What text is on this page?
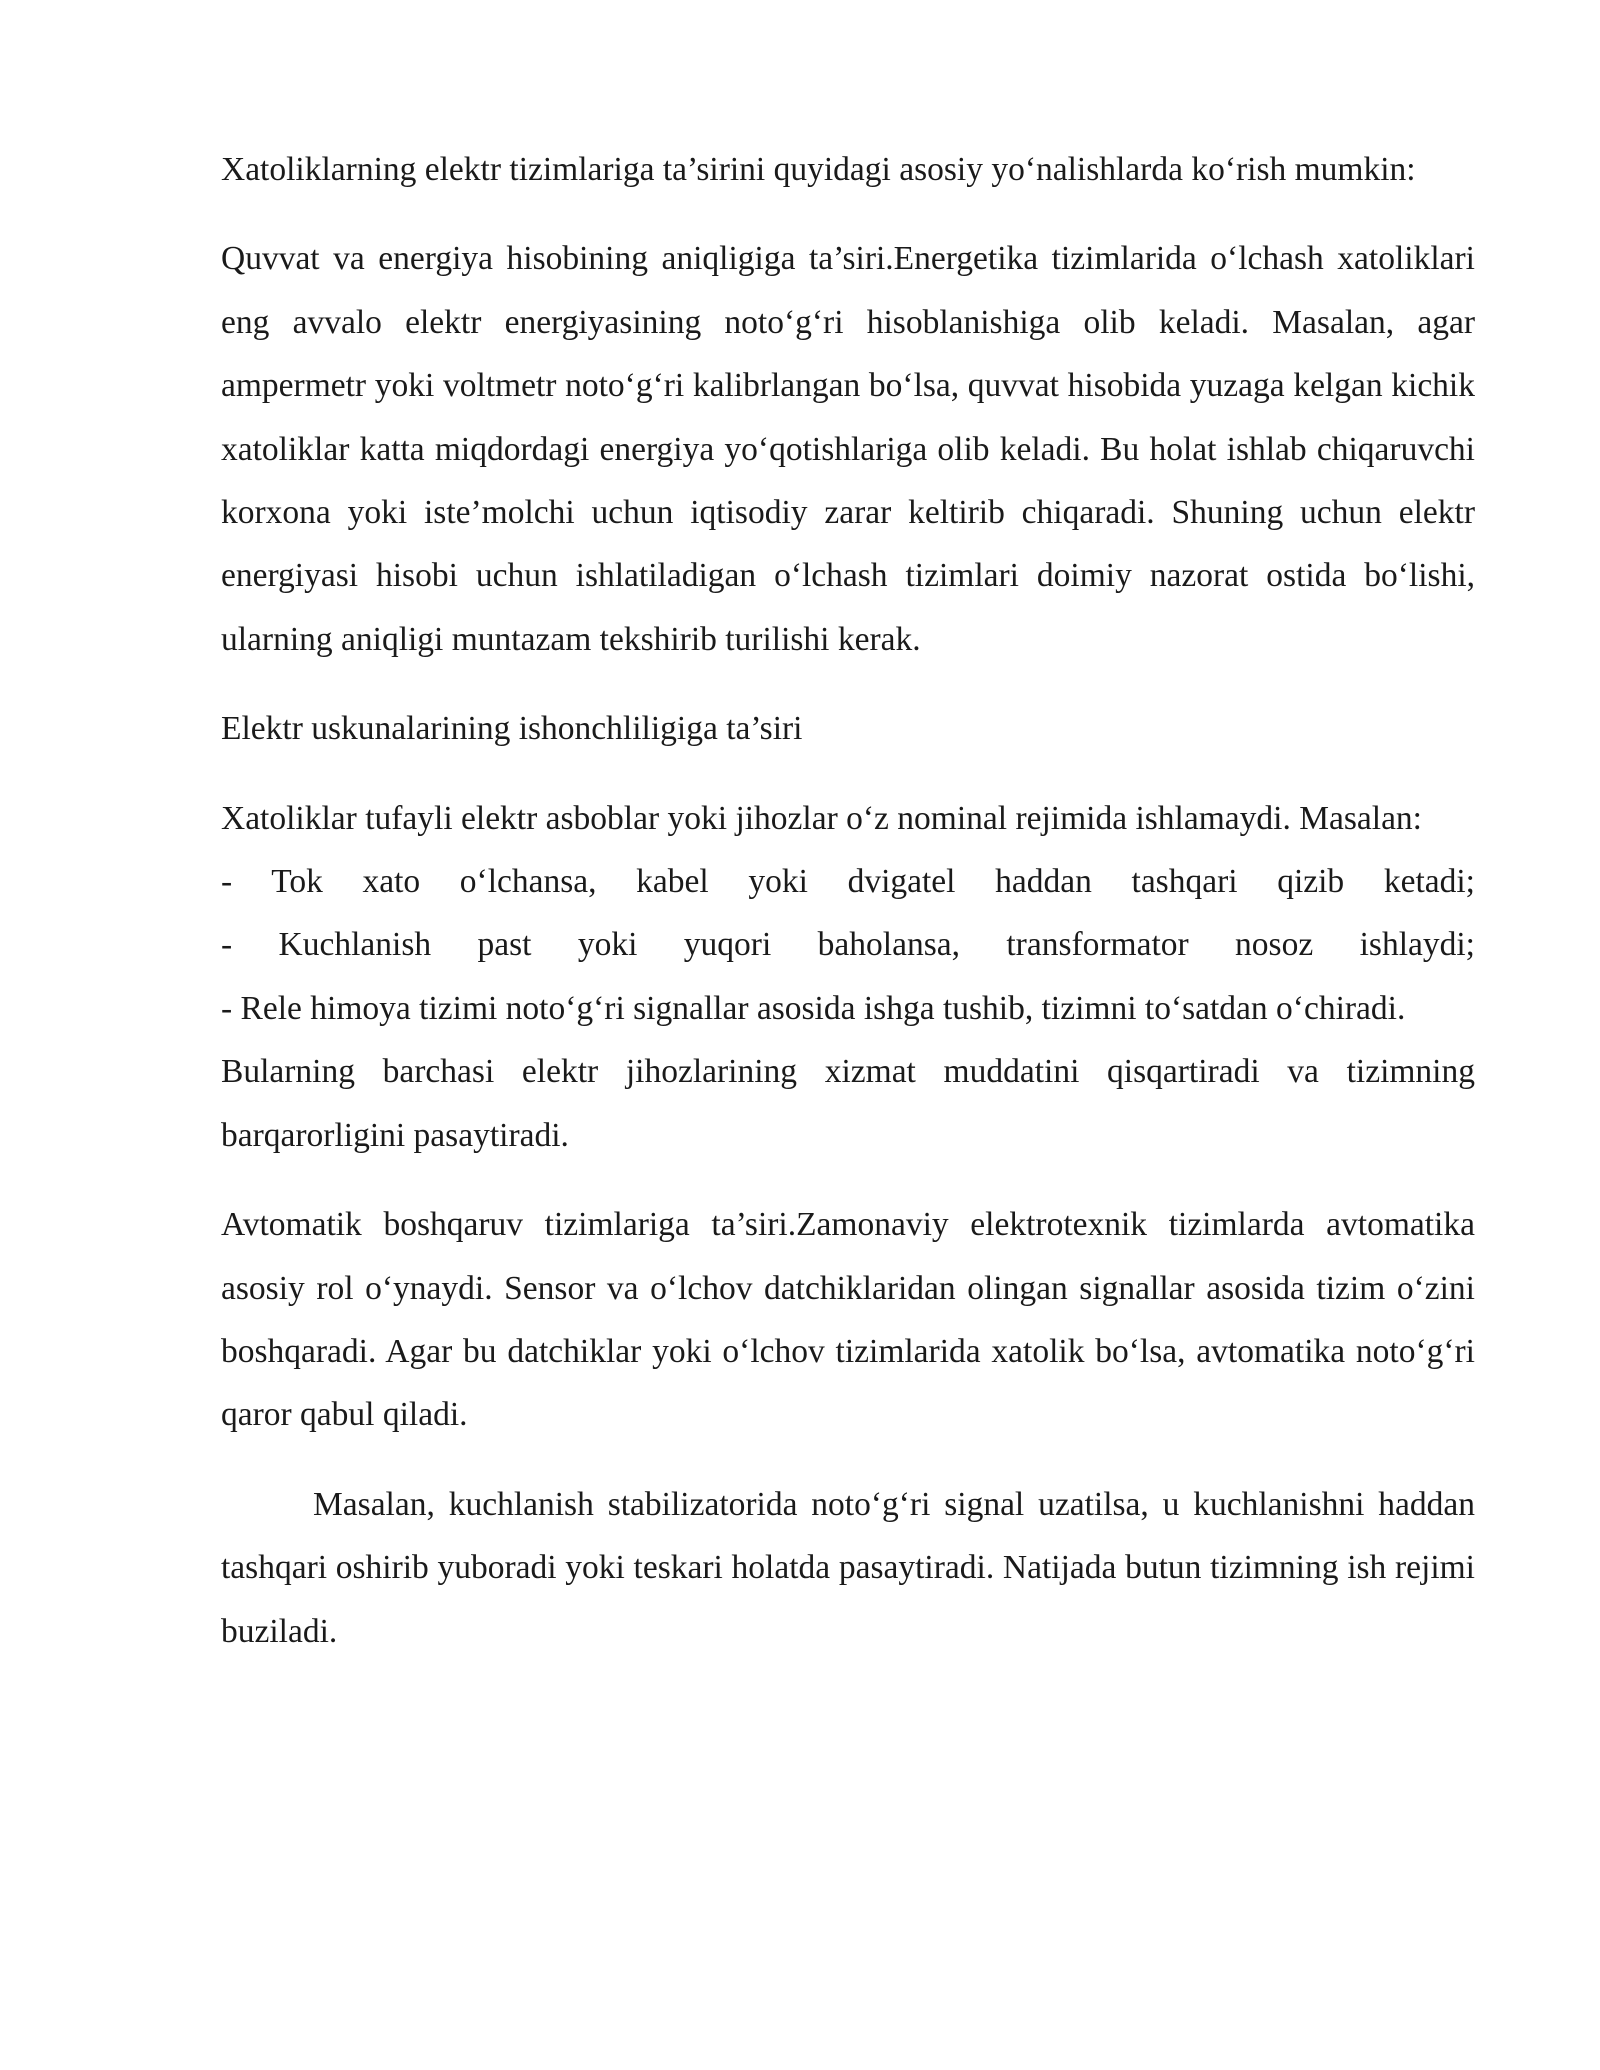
Xatoliklarning elektr tizimlariga ta’sirini quyidagi asosiy yo‘nalishlarda ko‘rish mumkin:

Quvvat va energiya hisobining aniqligiga ta’siri.Energetika tizimlarida o‘lchash xatoliklari eng avvalo elektr energiyasining noto‘g‘ri hisoblanishiga olib keladi. Masalan, agar ampermetr yoki voltmetr noto‘g‘ri kalibrlangan bo‘lsa, quvvat hisobida yuzaga kelgan kichik xatoliklar katta miqdordagi energiya yo‘qotishlariga olib keladi. Bu holat ishlab chiqaruvchi korxona yoki iste’molchi uchun iqtisodiy zarar keltirib chiqaradi. Shuning uchun elektr energiyasi hisobi uchun ishlatiladigan o‘lchash tizimlari doimiy nazorat ostida bo‘lishi, ularning aniqligi muntazam tekshirib turilishi kerak.

Elektr uskunalarining ishonchliligiga ta’siri

Xatoliklar tufayli elektr asboblar yoki jihozlar o‘z nominal rejimida ishlamaydi. Masalan:

- Tok xato o‘lchansa, kabel yoki dvigatel haddan tashqari qizib ketadi;
- Kuchlanish past yoki yuqori baholansa, transformator nosoz ishlaydi;

- Rele himoya tizimi noto‘g‘ri signallar asosida ishga tushib, tizimni to‘satdan o‘chiradi.

Bularning barchasi elektr jihozlarining xizmat muddatini qisqartiradi va tizimning barqarorligini pasaytiradi.

Avtomatik boshqaruv tizimlariga ta’siri.Zamonaviy elektrotexnik tizimlarda avtomatika asosiy rol o‘ynaydi. Sensor va o‘lchov datchiklaridan olingan signallar asosida tizim o‘zini boshqaradi. Agar bu datchiklar yoki o‘lchov tizimlarida xatolik bo‘lsa, avtomatika noto‘g‘ri qaror qabul qiladi.

Masalan, kuchlanish stabilizatorida noto‘g‘ri signal uzatilsa, u kuchlanishni haddan tashqari oshirib yuboradi yoki teskari holatda pasaytiradi. Natijada butun tizimning ish rejimi buziladi.
